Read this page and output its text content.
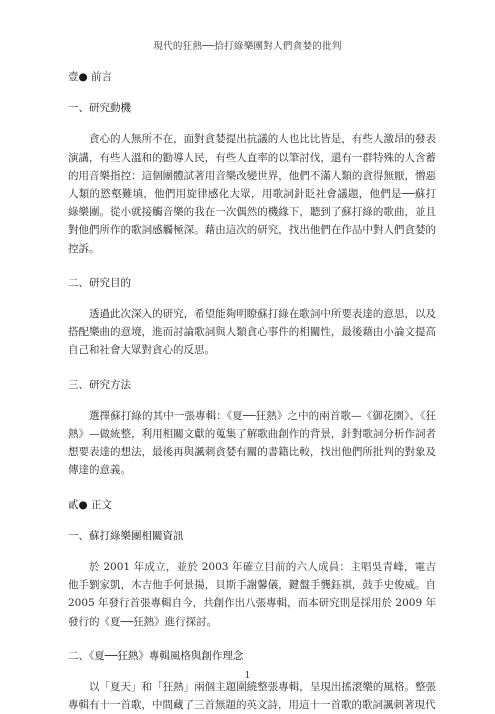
現代的狂熱──拾打綠樂團對人們貪婪的批判
壹● 前言
一、研究動機

貪心的人無所不在，面對貪婪提出抗議的人也比比皆是，有些人激昂的發表演講，有些人溫和的勸導人民，有些人直率的以筆討伐，還有一群特殊的人含蓄的用音樂指控：這個團體試著用音樂改變世界，他們不滿人類的貪得無厭，憎惡人類的慾壑難填，他們用旋律感化大眾，用歌詞針貶社會議題，他們是──蘇打綠樂團。從小就接觸音樂的我在一次偶然的機緣下，聽到了蘇打綠的歌曲，並且對他們所作的歌詞感觸極深。藉由這次的研究，找出他們在作品中對人們貪婪的控訴。

二、研究目的

透過此次深入的研究，希望能夠明瞭蘇打綠在歌詞中所要表達的意思，以及搭配樂曲的意境，進而討論歌詞與人類貪心事件的相關性，最後藉由小論文提高自己和社會大眾對貪心的反思。

三、研究方法

選擇蘇打綠的其中一張專輯：《夏──狂熱》之中的兩首歌—《御花園》、《狂熱》—做統整，利用相關文獻的蒐集了解歌曲創作的背景，針對歌詞分析作詞者想要表達的想法，最後再與諷刺貪婪有關的書籍比較，找出他們所批判的對象及傳達的意義。

貳● 正文
一、蘇打綠樂團相關資訊

於 2001 年成立，並於 2003 年確立目前的六人成員：主唱吳青峰，電吉他手劉家凱，木吉他手何景揚，貝斯手謝馨儀，鍵盤手龔鈺祺，鼓手史俊威。自 2005 年發行首張專輯自今，共創作出八張專輯，而本研究則是採用於 2009 年發行的《夏──狂熱》進行探討。

二、《夏──狂熱》專輯風格與創作理念

以「夏天」和「狂熱」兩個主題圍繞整張專輯，呈現出搖滾樂的風格。整張專輯有十一首歌，中間藏了三首無題的英文詩，用這十一首歌的歌詞諷刺著現代

1
